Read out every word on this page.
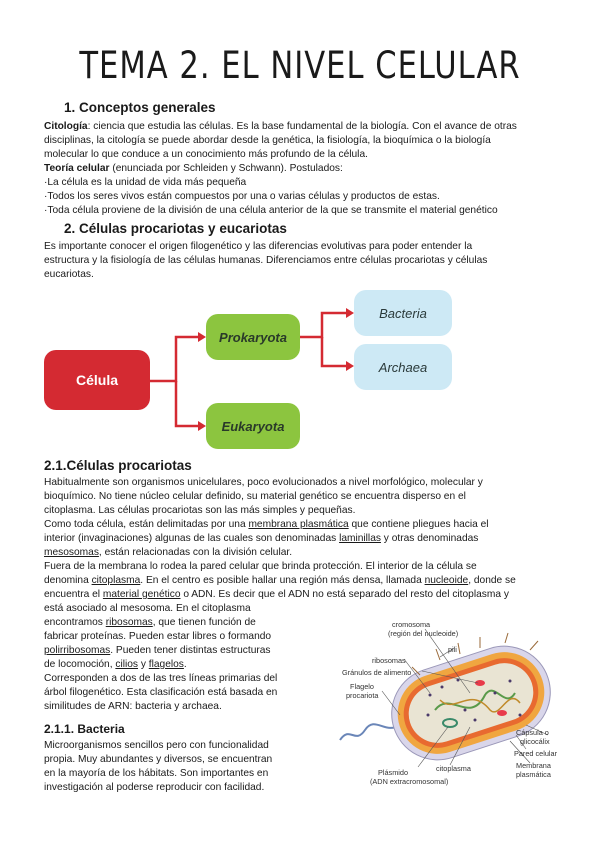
TEMA 2. EL NIVEL CELULAR
1. Conceptos generales
Citología: ciencia que estudia las células. Es la base fundamental de la biología. Con el avance de otras
disciplinas, la citología se puede abordar desde la genética, la fisiología, la bioquímica o la biología
molecular lo que conduce a un conocimiento más profundo de la célula.
Teoría celular (enunciada por Schleiden y Schwann). Postulados:
·La célula es la unidad de vida más pequeña
·Todos los seres vivos están compuestos por una o varias células y productos de estas.
·Toda célula proviene de la división de una célula anterior de la que se transmite el material genético
2. Células procariotas y eucariotas
Es importante conocer el origen filogenético y las diferencias evolutivas para poder entender la
estructura y la fisiología de las células humanas. Diferenciamos entre células procariotas y células
eucariotas.
Célula
Prokaryota
Eukaryota
Bacteria
Archaea
2.1.Células procariotas
Habitualmente son organismos unicelulares, poco evolucionados a nivel morfológico, molecular y
bioquímico. No tiene núcleo celular definido, su material genético se encuentra disperso en el
citoplasma. Las células procariotas son las más simples y pequeñas.
Como toda célula, están delimitadas por una membrana plasmática que contiene pliegues hacia el
interior (invaginaciones) algunas de las cuales son denominadas laminillas y otras denominadas
mesosomas, están relacionadas con la división celular.
Fuera de la membrana lo rodea la pared celular que brinda protección. El interior de la célula se
denomina citoplasma. En el centro es posible hallar una región más densa, llamada nucleoide, donde se
encuentra el material genético o ADN. Es decir que el ADN no está separado del resto del citoplasma y
está asociado al mesosoma. En el citoplasma
encontramos ribosomas, que tienen función de
fabricar proteínas. Pueden estar libres o formando
polirribosomas. Pueden tener distintas estructuras
de locomoción, cilios y flagelos.
Corresponden a dos de las tres líneas primarias del
árbol filogenético. Esta clasificación está basada en
similitudes de ARN: bacteria y archaea.
2.1.1. Bacteria
Microorganismos sencillos pero con funcionalidad
propia. Muy abundantes y diversos, se encuentran
en la mayoría de los hábitats. Son importantes en
investigación al poderse reproducir con facilidad.
cromosoma
(región del nucleoide)
pili
ribosomas
Gránulos de alimento
Flagelo
procariota
Cápsula o
glicocálix
Pared celular
Membrana
plasmática
citoplasma
Plásmido
(ADN extracromosomal)
